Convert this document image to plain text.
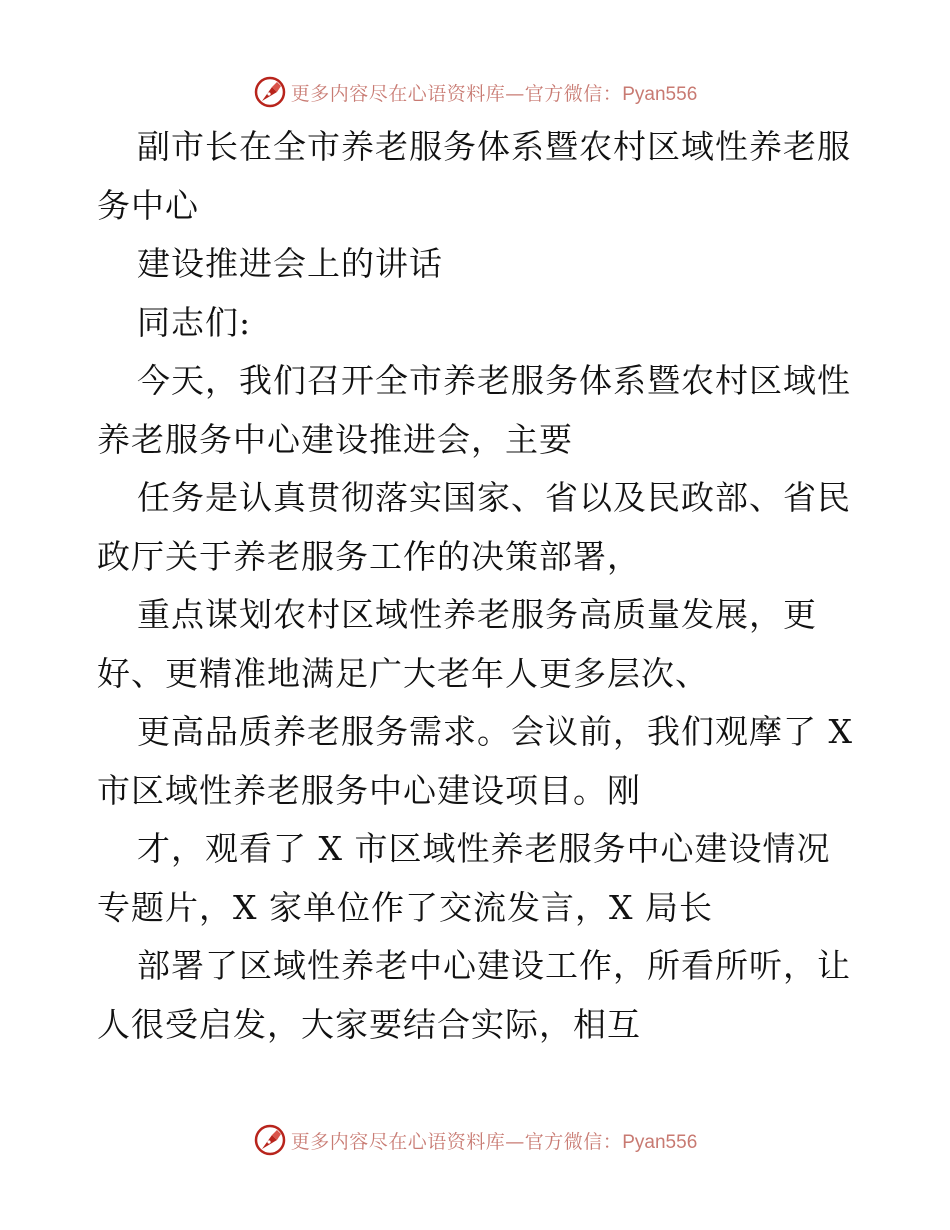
更多内容尽在心语资料库—官方微信：Pyan556
副市长在全市养老服务体系暨农村区域性养老服
务中心
建设推进会上的讲话
同志们:
今天，我们召开全市养老服务体系暨农村区域性
养老服务中心建设推进会，主要
任务是认真贯彻落实国家、省以及民政部、省民
政厅关于养老服务工作的决策部署，
重点谋划农村区域性养老服务高质量发展，更
好、更精准地满足广大老年人更多层次、
更高品质养老服务需求。会议前，我们观摩了 X
市区域性养老服务中心建设项目。刚
才，观看了 X 市区域性养老服务中心建设情况
专题片，X 家单位作了交流发言，X 局长
部署了区域性养老中心建设工作，所看所听，让
人很受启发，大家要结合实际，相互
更多内容尽在心语资料库—官方微信：Pyan556
